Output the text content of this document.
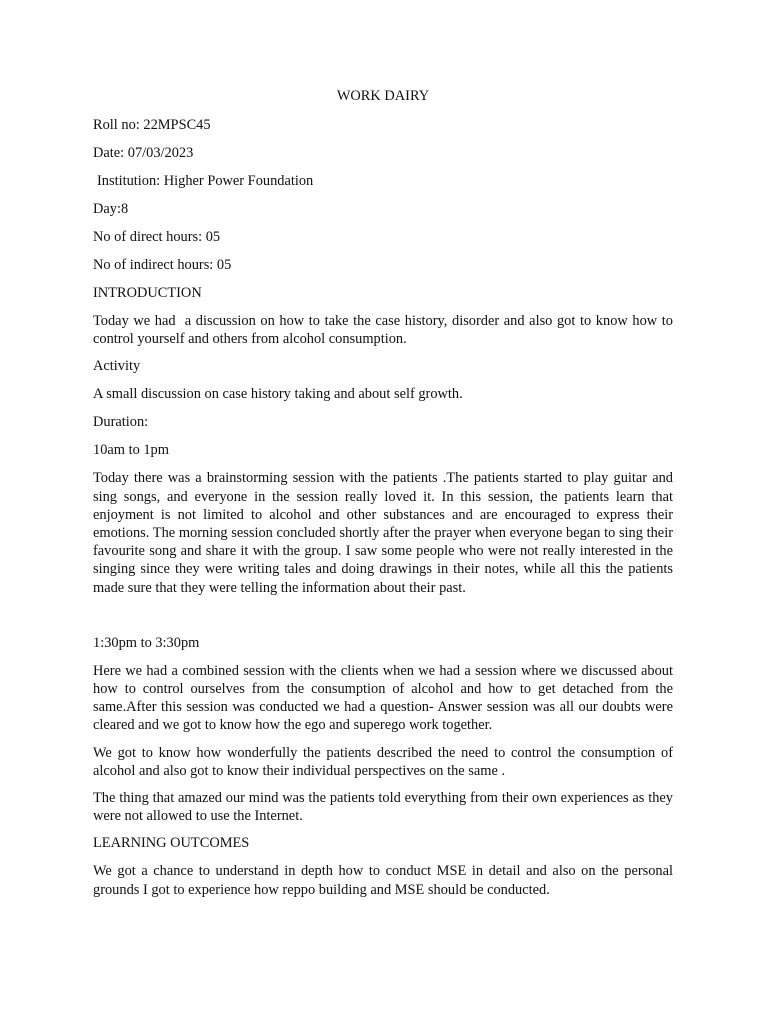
WORK DAIRY
Roll no: 22MPSC45
Date: 07/03/2023
Institution: Higher Power Foundation
Day:8
No of direct hours: 05
No of indirect hours: 05
INTRODUCTION
Today we had  a discussion on how to take the case history, disorder and also got to know how to control yourself and others from alcohol consumption.
Activity
A small discussion on case history taking and about self growth.
Duration:
10am to 1pm
Today there was a brainstorming session with the patients .The patients started to play guitar and sing songs, and everyone in the session really loved it. In this session, the patients learn that enjoyment is not limited to alcohol and other substances and are encouraged to express their emotions. The morning session concluded shortly after the prayer when everyone began to sing their favourite song and share it with the group. I saw some people who were not really interested in the singing since they were writing tales and doing drawings in their notes, while all this the patients made sure that they were telling the information about their past.
1:30pm to 3:30pm
Here we had a combined session with the clients when we had a session where we discussed about how to control ourselves from the consumption of alcohol and how to get detached from the same.After this session was conducted we had a question- Answer session was all our doubts were cleared and we got to know how the ego and superego work together.
We got to know how wonderfully the patients described the need to control the consumption of alcohol and also got to know their individual perspectives on the same .
The thing that amazed our mind was the patients told everything from their own experiences as they were not allowed to use the Internet.
LEARNING OUTCOMES
We got a chance to understand in depth how to conduct MSE in detail and also on the personal grounds I got to experience how reppo building and MSE should be conducted.
